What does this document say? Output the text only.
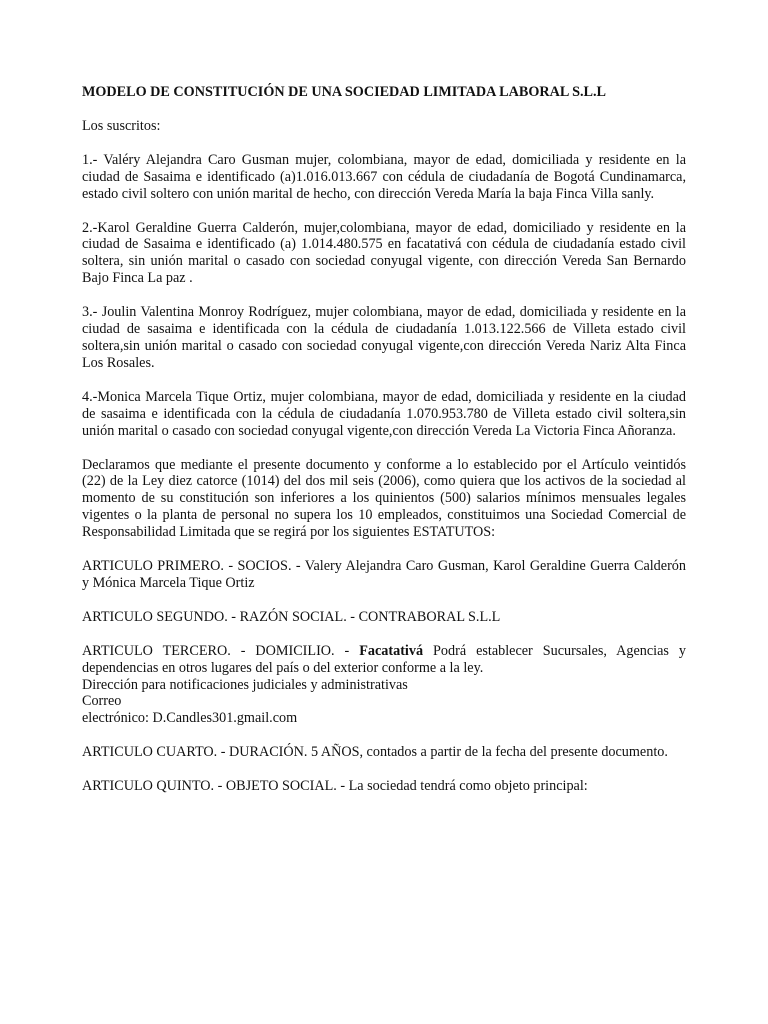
MODELO DE CONSTITUCIÓN DE UNA SOCIEDAD LIMITADA LABORAL S.L.L
Los suscritos:
1.- Valéry Alejandra Caro Gusman mujer, colombiana, mayor de edad, domiciliada y residente en la ciudad de Sasaima e identificado (a)1.016.013.667 con cédula de ciudadanía de Bogotá Cundinamarca, estado civil soltero con unión marital de hecho, con dirección Vereda María la baja Finca Villa sanly.
2.-Karol Geraldine Guerra Calderón, mujer,colombiana, mayor de edad, domiciliado y residente en la ciudad de Sasaima e identificado (a) 1.014.480.575 en facatativá con cédula de ciudadanía estado civil soltera, sin unión marital o casado con sociedad conyugal vigente, con dirección Vereda San Bernardo Bajo Finca La paz .
3.- Joulin Valentina Monroy Rodríguez, mujer colombiana, mayor de edad, domiciliada y residente en la ciudad de sasaima e identificada con la cédula de ciudadanía 1.013.122.566 de Villeta estado civil soltera,sin unión marital o casado con sociedad conyugal vigente,con dirección Vereda Nariz Alta Finca Los Rosales.
4.-Monica Marcela Tique Ortiz, mujer colombiana, mayor de edad, domiciliada y residente en la ciudad de sasaima e identificada con la cédula de ciudadanía 1.070.953.780 de Villeta estado civil soltera,sin unión marital o casado con sociedad conyugal vigente,con dirección Vereda La Victoria Finca Añoranza.
Declaramos que mediante el presente documento y conforme a lo establecido por el Artículo veintidós (22) de la Ley diez catorce (1014) del dos mil seis (2006), como quiera que los activos de la sociedad al momento de su constitución son inferiores a los quinientos (500) salarios mínimos mensuales legales vigentes o la planta de personal no supera los 10 empleados, constituimos una Sociedad Comercial de Responsabilidad Limitada que se regirá por los siguientes ESTATUTOS:
ARTICULO PRIMERO. - SOCIOS. - Valery Alejandra Caro Gusman, Karol Geraldine Guerra Calderón y Mónica Marcela Tique Ortiz
ARTICULO SEGUNDO. - RAZÓN SOCIAL. - CONTRABORAL S.L.L
ARTICULO TERCERO. - DOMICILIO. - Facatativá Podrá establecer Sucursales, Agencias y dependencias en otros lugares del país o del exterior conforme a la ley.
Dirección para notificaciones judiciales y administrativas
Correo
electrónico: D.Candles301.gmail.com
ARTICULO CUARTO. - DURACIÓN. 5 AÑOS, contados a partir de la fecha del presente documento.
ARTICULO QUINTO. - OBJETO SOCIAL. - La sociedad tendrá como objeto principal:
